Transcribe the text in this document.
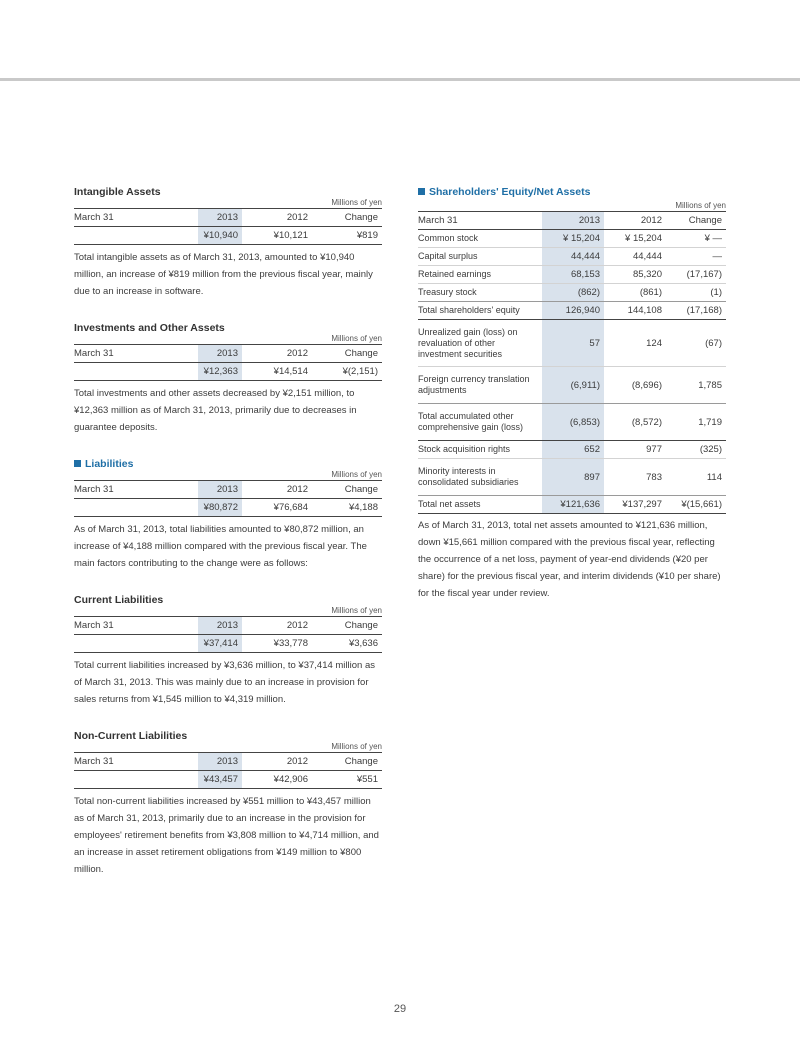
Intangible Assets
Millions of yen
March 31	2013	2012	Change
	¥10,940	¥10,121	¥819
Total intangible assets as of March 31, 2013, amounted to ¥10,940 million, an increase of ¥819 million from the previous fiscal year, mainly due to an increase in software.
Investments and Other Assets
Millions of yen
March 31	2013	2012	Change
	¥12,363	¥14,514	¥(2,151)
Total investments and other assets decreased by ¥2,151 million, to ¥12,363 million as of March 31, 2013, primarily due to decreases in guarantee deposits.
Liabilities
Millions of yen
March 31	2013	2012	Change
	¥80,872	¥76,684	¥4,188
As of March 31, 2013, total liabilities amounted to ¥80,872 million, an increase of ¥4,188 million compared with the previous fiscal year. The main factors contributing to the change were as follows:
Current Liabilities
Millions of yen
March 31	2013	2012	Change
	¥37,414	¥33,778	¥3,636
Total current liabilities increased by ¥3,636 million, to ¥37,414 million as of March 31, 2013. This was mainly due to an increase in provision for sales returns from ¥1,545 million to ¥4,319 million.
Non-Current Liabilities
Millions of yen
March 31	2013	2012	Change
	¥43,457	¥42,906	¥551
Total non-current liabilities increased by ¥551 million to ¥43,457 million as of March 31, 2013, primarily due to an increase in the provision for employees' retirement benefits from ¥3,808 million to ¥4,714 million, and an increase in asset retirement obligations from ¥149 million to ¥800 million.
Shareholders' Equity/Net Assets
Millions of yen
March 31	2013	2012	Change
Common stock	¥ 15,204	¥ 15,204	¥ —
Capital surplus	44,444	44,444	—
Retained earnings	68,153	85,320	(17,167)
Treasury stock	(862)	(861)	(1)
Total shareholders' equity	126,940	144,108	(17,168)
Unrealized gain (loss) on revaluation of other investment securities	57	124	(67)
Foreign currency translation adjustments	(6,911)	(8,696)	1,785
Total accumulated other comprehensive gain (loss)	(6,853)	(8,572)	1,719
Stock acquisition rights	652	977	(325)
Minority interests in consolidated subsidiaries	897	783	114
Total net assets	¥121,636	¥137,297	¥(15,661)
As of March 31, 2013, total net assets amounted to ¥121,636 million, down ¥15,661 million compared with the previous fiscal year, reflecting the occurrence of a net loss, payment of year-end dividends (¥20 per share) for the previous fiscal year, and interim dividends (¥10 per share) for the fiscal year under review.
29
